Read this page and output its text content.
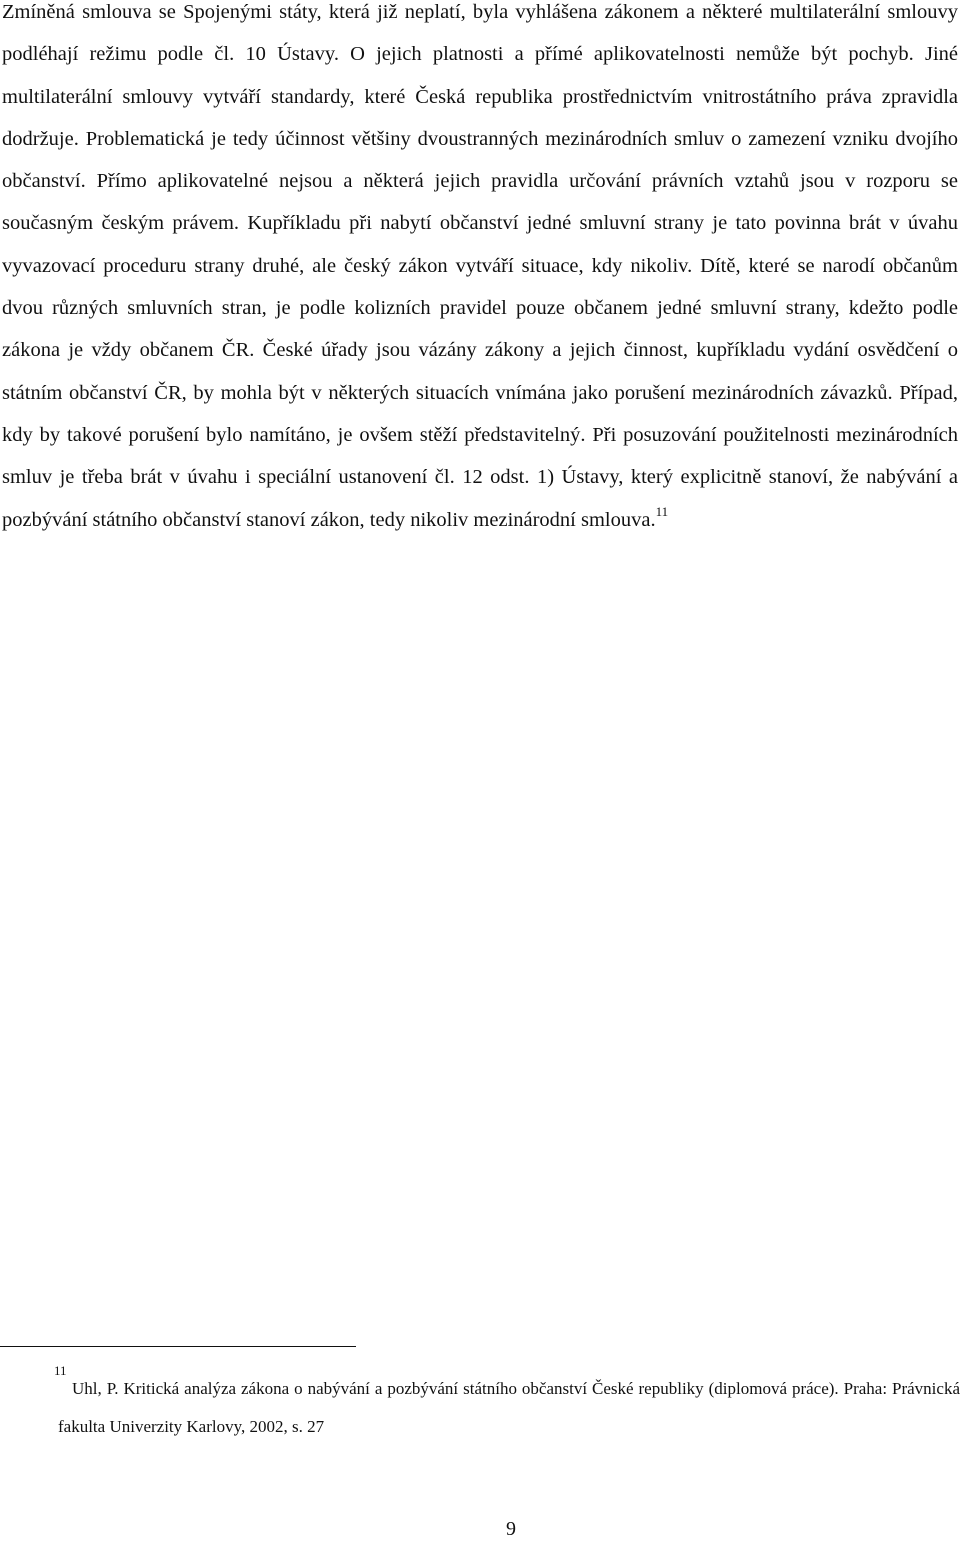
Zmíněná smlouva se Spojenými státy, která již neplatí, byla vyhlášena zákonem a některé multilaterální smlouvy podléhají režimu podle čl. 10 Ústavy. O jejich platnosti a přímé aplikovatelnosti nemůže být pochyb. Jiné multilaterální smlouvy vytváří standardy, které Česká republika prostřednictvím vnitrostátního práva zpravidla dodržuje. Problematická je tedy účinnost většiny dvoustranných mezinárodních smluv o zamezení vzniku dvojího občanství. Přímo aplikovatelné nejsou a některá jejich pravidla určování právních vztahů jsou v rozporu se současným českým právem. Kupříkladu při nabytí občanství jedné smluvní strany je tato povinna brát v úvahu vyvazovací proceduru strany druhé, ale český zákon vytváří situace, kdy nikoliv. Dítě, které se narodí občanům dvou různých smluvních stran, je podle kolizních pravidel pouze občanem jedné smluvní strany, kdežto podle zákona je vždy občanem ČR. České úřady jsou vázány zákony a jejich činnost, kupříkladu vydání osvědčení o státním občanství ČR, by mohla být v některých situacích vnímána jako porušení mezinárodních závazků. Případ, kdy by takové porušení bylo namítáno, je ovšem stěží představitelný. Při posuzování použitelnosti mezinárodních smluv je třeba brát v úvahu i speciální ustanovení čl. 12 odst. 1) Ústavy, který explicitně stanoví, že nabývání a pozbývání státního občanství stanoví zákon, tedy nikoliv mezinárodní smlouva.$^{11}$

11
Uhl, P. Kritická analýza zákona o nabývání a pozbývání státního občanství České republiky (diplomová práce). Praha: Právnická fakulta Univerzity Karlovy, 2002, s. 27

9
